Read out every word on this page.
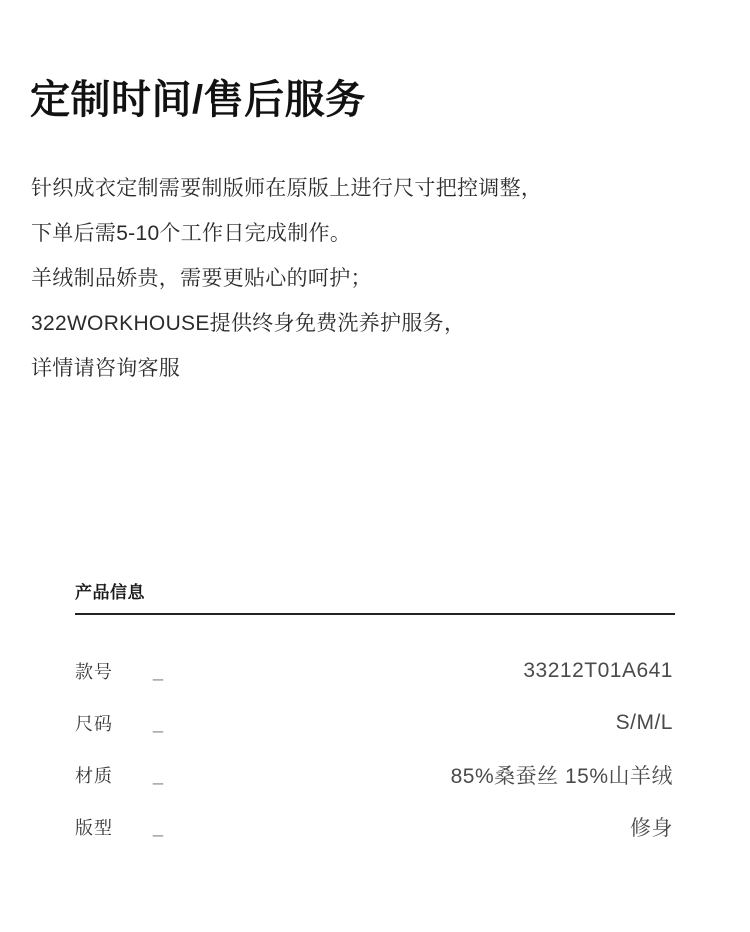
定制时间/售后服务

针织成衣定制需要制版师在原版上进行尺寸把控调整，

下单后需5-10个工作日完成制作。

羊绒制品娇贵，需要更贴心的呵护；

322WORKHOUSE提供终身免费洗养护服务，

详情请咨询客服

产品信息
款号	_	33212T01A641
尺码	_	S/M/L
材质	_	85%桑蚕丝 15%山羊绒
版型	_	修身
